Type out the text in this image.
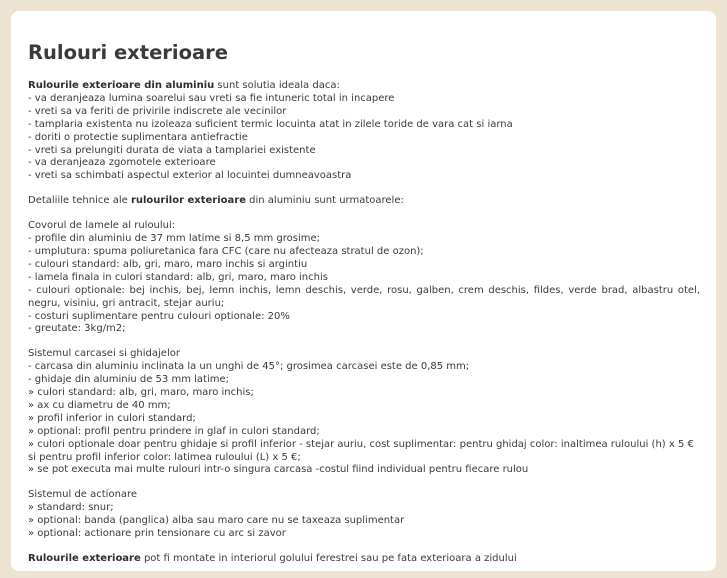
Rulouri exterioare

Rulourile exterioare din aluminiu sunt solutia ideala daca:
- va deranjeaza lumina soarelui sau vreti sa fie intuneric total in incapere
- vreti sa va feriti de privirile indiscrete ale vecinilor
- tamplaria existenta nu izoleaza suficient termic locuinta atat in zilele toride de vara cat si iarna
- doriti o protectie suplimentara antiefractie
- vreti sa prelungiti durata de viata a tamplariei existente
- va deranjeaza zgomotele exterioare
- vreti sa schimbati aspectul exterior al locuintei dumneavoastra

Detaliile tehnice ale rulourilor exterioare din aluminiu sunt urmatoarele:

Covorul de lamele al ruloului:
- profile din aluminiu de 37 mm latime si 8,5 mm grosime;
- umplutura: spuma poliuretanica fara CFC (care nu afecteaza stratul de ozon);
- culouri standard: alb, gri, maro, maro inchis si argintiu
- lamela finala in culori standard: alb, gri, maro, maro inchis
- culouri optionale: bej inchis, bej, lemn inchis, lemn deschis, verde, rosu, galben, crem deschis, fildes, verde brad, albastru otel, negru, visiniu, gri antracit, stejar auriu;
- costuri suplimentare pentru culouri optionale: 20%
- greutate: 3kg/m2;

Sistemul carcasei si ghidajelor
- carcasa din aluminiu inclinata la un unghi de 45°; grosimea carcasei este de 0,85 mm;
- ghidaje din aluminiu de 53 mm latime;
» culori standard: alb, gri, maro, maro inchis;
» ax cu diametru de 40 mm;
» profil inferior in culori standard;
» optional: profil pentru prindere in glaf in culori standard;
» culori optionale doar pentru ghidaje si profil inferior - stejar auriu, cost suplimentar: pentru ghidaj color: inaltimea ruloului (h) x 5 € si pentru profil inferior color: latimea ruloului (L) x 5 €;
» se pot executa mai multe rulouri intr-o singura carcasa -costul fiind individual pentru fiecare rulou

Sistemul de actionare
» standard: snur;
» optional: banda (panglica) alba sau maro care nu se taxeaza suplimentar
» optional: actionare prin tensionare cu arc si zavor

Rulourile exterioare pot fi montate in interiorul golului ferestrei sau pe fata exterioara a zidului
